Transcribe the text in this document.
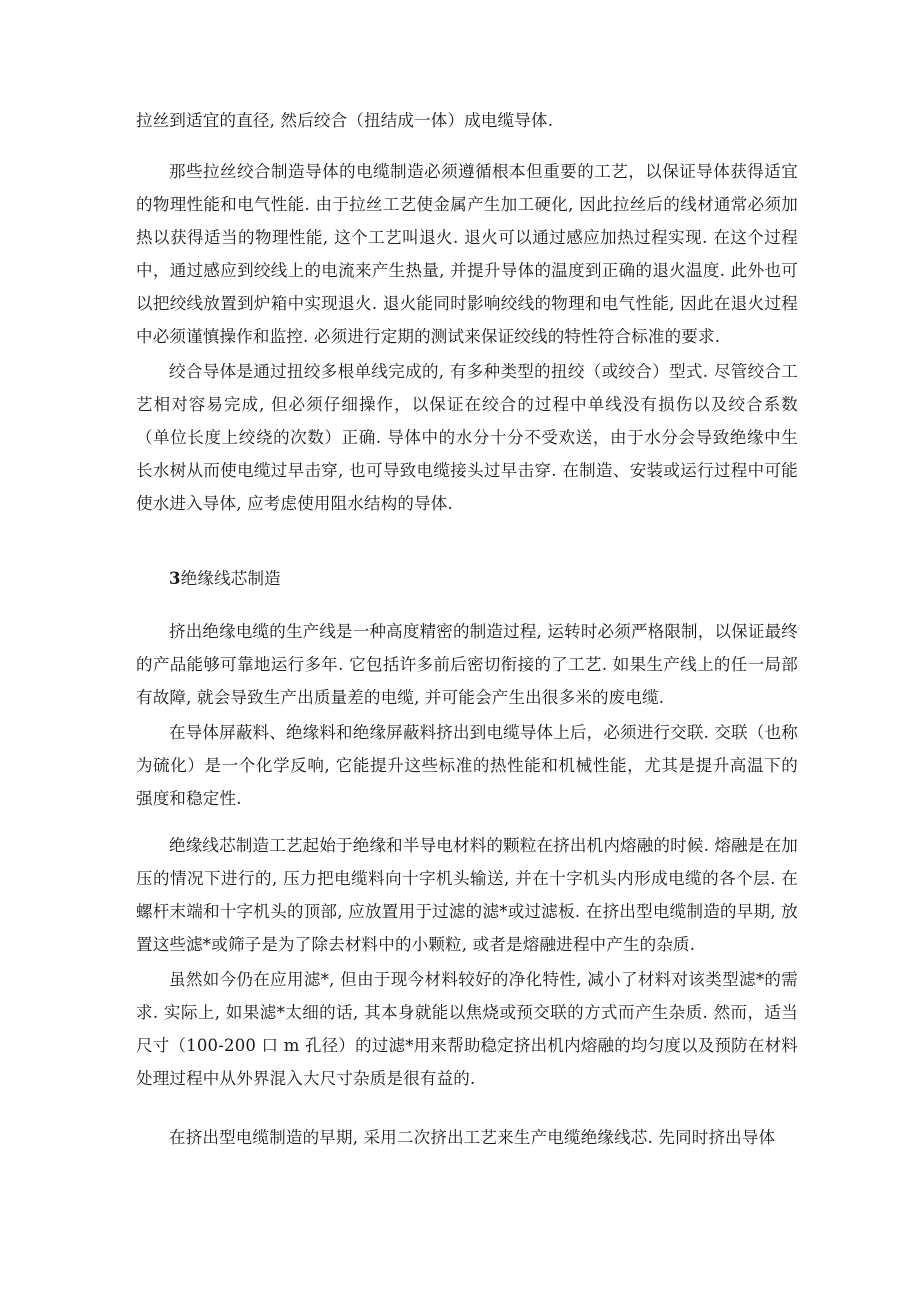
拉丝到适宜的直径, 然后绞合（扭结成一体）成电缆导体.

那些拉丝绞合制造导体的电缆制造必须遵循根本但重要的工艺，以保证导体获得适宜的物理性能和电气性能. 由于拉丝工艺使金属产生加工硬化, 因此拉丝后的线材通常必须加热以获得适当的物理性能, 这个工艺叫退火. 退火可以通过感应加热过程实现. 在这个过程中，通过感应到绞线上的电流来产生热量, 并提升导体的温度到正确的退火温度. 此外也可以把绞线放置到炉箱中实现退火. 退火能同时影响绞线的物理和电气性能, 因此在退火过程中必须谨慎操作和监控. 必须进行定期的测试来保证绞线的特性符合标准的要求.

绞合导体是通过扭绞多根单线完成的, 有多种类型的扭绞（或绞合）型式. 尽管绞合工艺相对容易完成, 但必须仔细操作，以保证在绞合的过程中单线没有损伤以及绞合系数（单位长度上绞绕的次数）正确. 导体中的水分十分不受欢送，由于水分会导致绝缘中生长水树从而使电缆过早击穿, 也可导致电缆接头过早击穿. 在制造、安装或运行过程中可能使水进入导体, 应考虑使用阻水结构的导体.

3绝缘线芯制造

挤出绝缘电缆的生产线是一种高度精密的制造过程, 运转时必须严格限制，以保证最终的产品能够可靠地运行多年. 它包括许多前后密切衔接的了工艺. 如果生产线上的任一局部有故障, 就会导致生产出质量差的电缆, 并可能会产生出很多米的废电缆.

在导体屏蔽料、绝缘料和绝缘屏蔽料挤出到电缆导体上后，必须进行交联. 交联（也称为硫化）是一个化学反响, 它能提升这些标准的热性能和机械性能，尤其是提升高温下的强度和稳定性.

绝缘线芯制造工艺起始于绝缘和半导电材料的颗粒在挤出机内熔融的时候. 熔融是在加压的情况下进行的, 压力把电缆料向十字机头输送, 并在十字机头内形成电缆的各个层. 在螺杆末端和十字机头的顶部, 应放置用于过滤的滤*或过滤板. 在挤出型电缆制造的早期, 放置这些滤*或筛子是为了除去材料中的小颗粒, 或者是熔融进程中产生的杂质.

虽然如今仍在应用滤*, 但由于现今材料较好的净化特性, 减小了材料对该类型滤*的需求. 实际上, 如果滤*太细的话, 其本身就能以焦烧或预交联的方式而产生杂质. 然而，适当尺寸（100-200 口 m 孔径）的过滤*用来帮助稳定挤出机内熔融的均匀度以及预防在材料处理过程中从外界混入大尺寸杂质是很有益的.

在挤出型电缆制造的早期, 采用二次挤出工艺来生产电缆绝缘线芯. 先同时挤出导体
